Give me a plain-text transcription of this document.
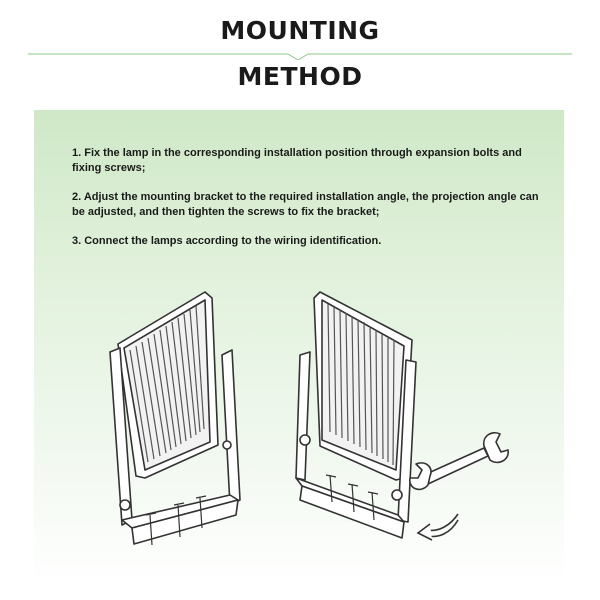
MOUNTING
METHOD
1. Fix the lamp in the corresponding installation position through expansion bolts and fixing screws;
2. Adjust the mounting bracket to the required installation angle, the projection angle can be adjusted, and then tighten the screws to fix the bracket;
3. Connect the lamps according to the wiring identification.
